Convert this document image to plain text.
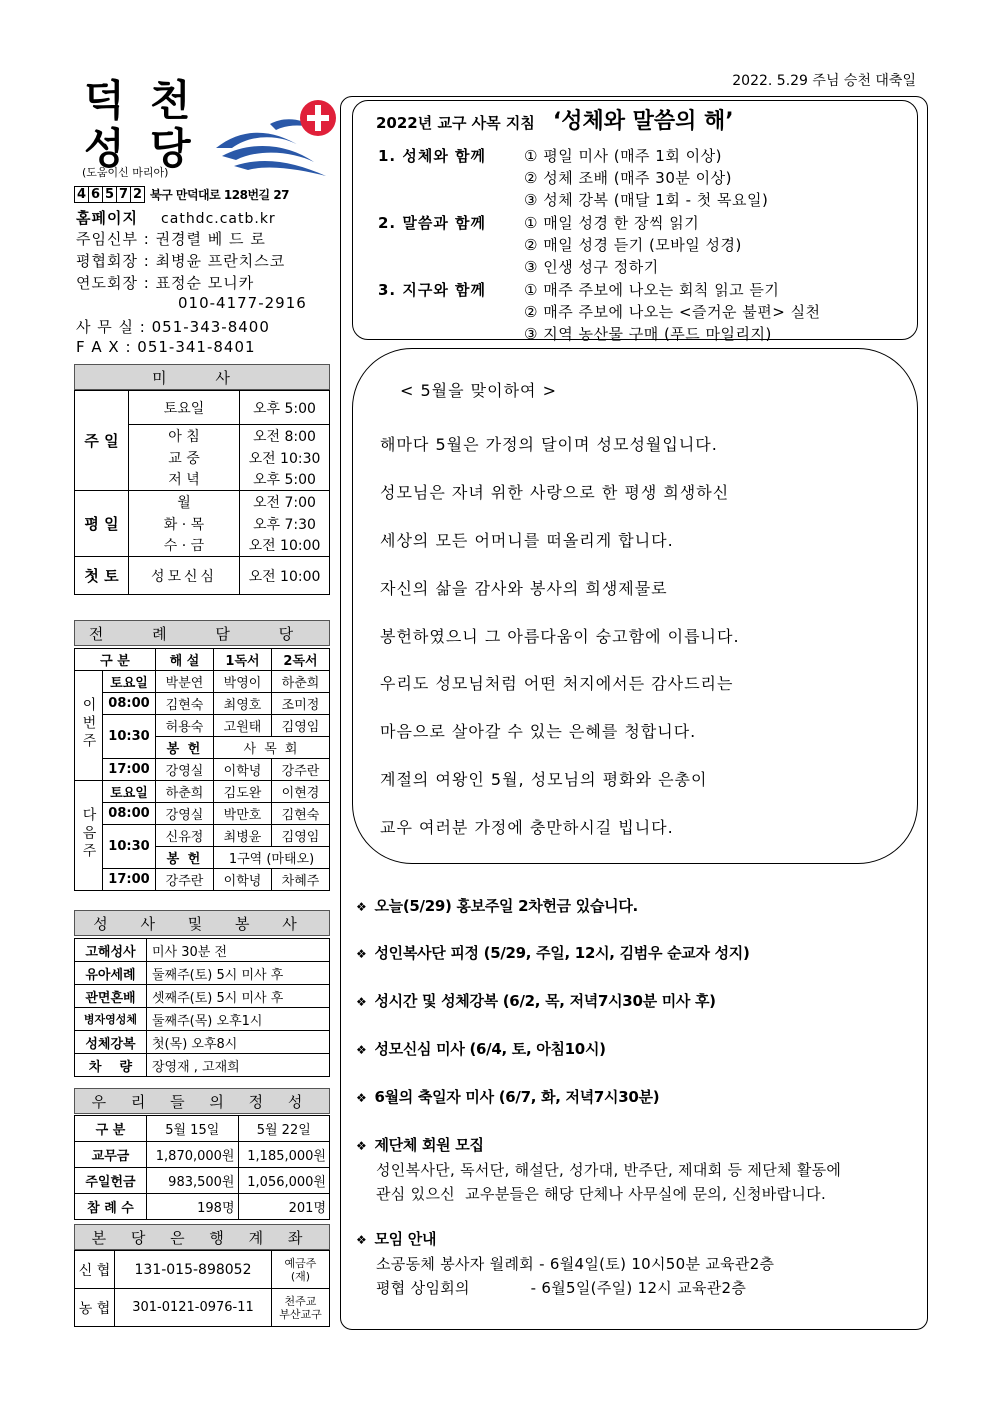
2022. 5.29 주님 승천 대축일
덕 천
성 당
(도움이신 마리아)
4 6 5 7 2 북구 만덕대로 128번길 27
홈페이지 cathdc.catb.kr
주임신부 : 권경렬 베 드 로
평협회장 : 최병윤 프란치스코
연도회장 : 표정순 모니카
010-4177-2916
사 무 실 : 051-343-8400
F A X : 051-341-8401
미 사
주 일	토요일	오후 5:00
	아 침	오전 8:00
	교 중	오전 10:30
	저 녁	오후 5:00
평 일	월	오전 7:00
	화 · 목	오후 7:30
	수 · 금	오전 10:00
첫 토	성모신심	오전 10:00
전 례 담 당
구 분		해 설	1독서	2독서
이번주	토요일	박분연	박영이	하춘희
	08:00	김현숙	최영호	조미정
	10:30	허용숙	고원태	김영임
		봉 헌	사 목 회	
	17:00	강영실	이학녕	강주란
다음주	토요일	하춘희	김도완	이현경
	08:00	강영실	박만호	김현숙
	10:30	신유정	최병윤	김영임
		봉 헌	1구역 (마태오)	
	17:00	강주란	이학녕	차혜주
성 사 및 봉 사
고해성사	미사 30분 전
유아세례	둘째주(토) 5시 미사 후
관면혼배	셋째주(토) 5시 미사 후
병자영성체	둘째주(목) 오후1시
성체강복	첫(목) 오후8시
차    량	장영재 , 고재희
우 리 들 의 정 성
구 분	5월 15일	5월 22일
교무금	1,870,000원	1,185,000원
주일헌금	983,500원	1,056,000원
참 례 수	198명	201명
본 당 은 행 계 좌
신 협	131-015-898052	예금주
(재)
농 협	301-0121-0976-11	천주교
부산교구
2022년 교구 사목 지침 ‘성체와 말씀의 해’
1. 성체와 함께	① 평일 미사 (매주 1회 이상)
② 성체 조배 (매주 30분 이상)
③ 성체 강복 (매달 1회 - 첫 목요일)
2. 말씀과 함께	① 매일 성경 한 장씩 읽기
② 매일 성경 듣기 (모바일 성경)
③ 인생 성구 정하기
3. 지구와 함께	① 매주 주보에 나오는 회칙 읽고 듣기
② 매주 주보에 나오는 <즐거운 불편> 실천
③ 지역 농산물 구매 (푸드 마일리지)
< 5월을 맞이하여 >
해마다 5월은 가정의 달이며 성모성월입니다.
성모님은 자녀 위한 사랑으로 한 평생 희생하신
세상의 모든 어머니를 떠올리게 합니다.
자신의 삶을 감사와 봉사의 희생제물로
봉헌하였으니 그 아름다움이 숭고함에 이릅니다.
우리도 성모님처럼 어떤 처지에서든 감사드리는
마음으로 살아갈 수 있는 은혜를 청합니다.
계절의 여왕인 5월, 성모님의 평화와 은총이
교우 여러분 가정에 충만하시길 빕니다.
❖ 오늘(5/29) 홍보주일 2차헌금 있습니다.
❖ 성인복사단 피정 (5/29, 주일, 12시, 김범우 순교자 성지)
❖ 성시간 및 성체강복 (6/2, 목, 저녁7시30분 미사 후)
❖ 성모신심 미사 (6/4, 토, 아침10시)
❖ 6월의 축일자 미사 (6/7, 화, 저녁7시30분)
❖ 제단체 회원 모집
성인복사단, 독서단, 해설단, 성가대, 반주단, 제대회 등 제단체 활동에
관심 있으신  교우분들은 해당 단체나 사무실에 문의, 신청바랍니다.
❖ 모임 안내
소공동체 봉사자 월례회 - 6월4일(토) 10시50분 교육관2층
평협 상임회의            - 6월5일(주일) 12시 교육관2층
